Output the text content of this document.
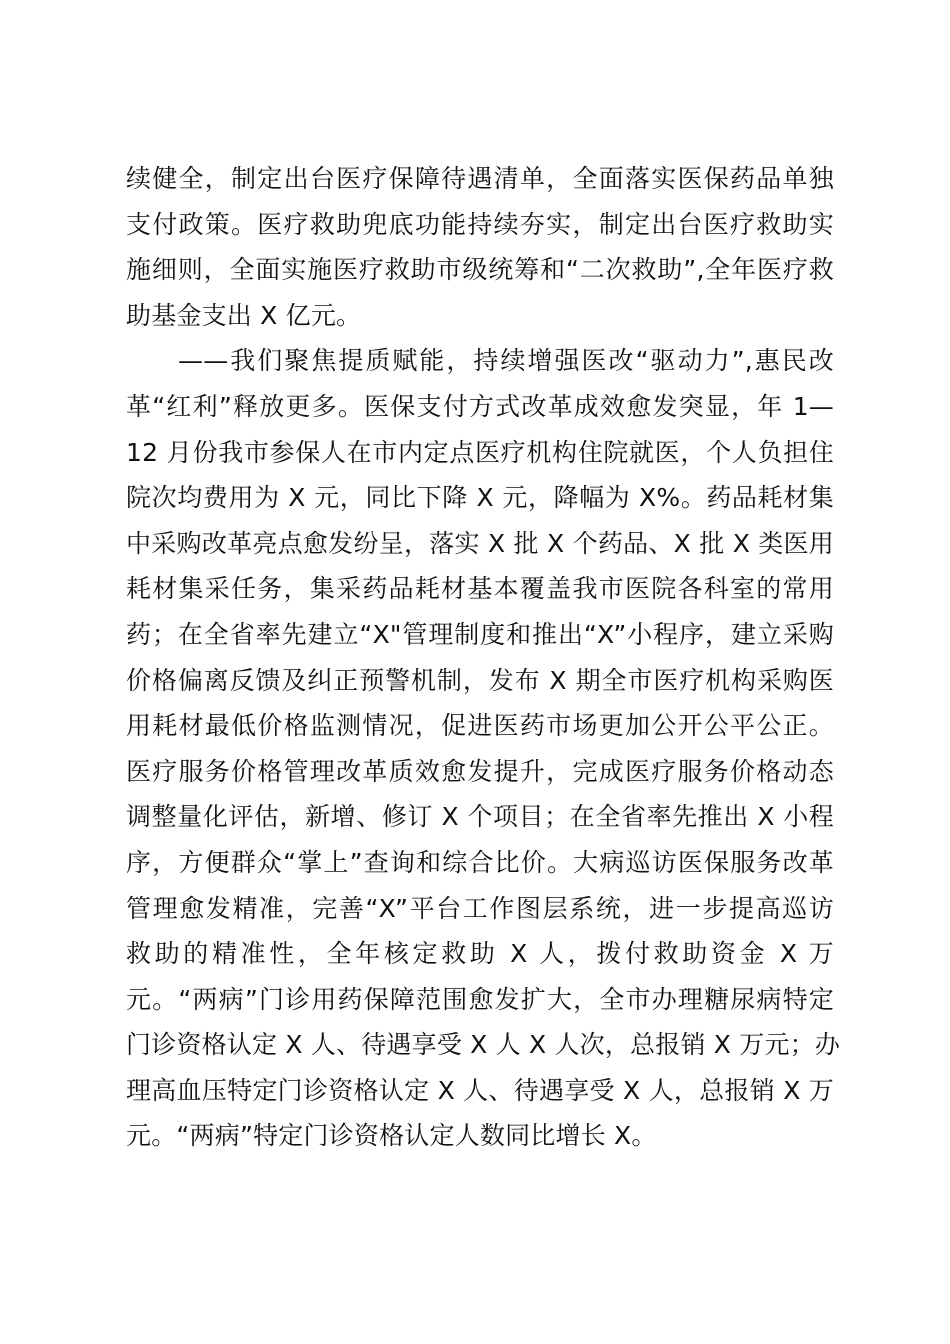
续健全，制定出台医疗保障待遇清单，全面落实医保药品单独
支付政策。医疗救助兜底功能持续夯实，制定出台医疗救助实
施细则，全面实施医疗救助市级统筹和“二次救助”,全年医疗救
助基金支出 X 亿元。
——我们聚焦提质赋能，持续增强医改“驱动力”,惠民改
革“红利”释放更多。医保支付方式改革成效愈发突显，年 1—
12 月份我市参保人在市内定点医疗机构住院就医，个人负担住
院次均费用为 X 元，同比下降 X 元，降幅为 X%。药品耗材集
中采购改革亮点愈发纷呈，落实 X 批 X 个药品、X 批 X 类医用
耗材集采任务，集采药品耗材基本覆盖我市医院各科室的常用
药；在全省率先建立“X"管理制度和推出“X”小程序，建立采购
价格偏离反馈及纠正预警机制，发布 X 期全市医疗机构采购医
用耗材最低价格监测情况，促进医药市场更加公开公平公正。
医疗服务价格管理改革质效愈发提升，完成医疗服务价格动态
调整量化评估，新增、修订 X 个项目；在全省率先推出 X 小程
序，方便群众“掌上”查询和综合比价。大病巡访医保服务改革
管理愈发精准，完善“X”平台工作图层系统，进一步提高巡访
救助的精准性，全年核定救助 X 人，拨付救助资金 X 万
元。“两病”门诊用药保障范围愈发扩大，全市办理糖尿病特定
门诊资格认定 X 人、待遇享受 X 人 X 人次，总报销 X 万元；办
理高血压特定门诊资格认定 X 人、待遇享受 X 人，总报销 X 万
元。“两病”特定门诊资格认定人数同比增长 X。
